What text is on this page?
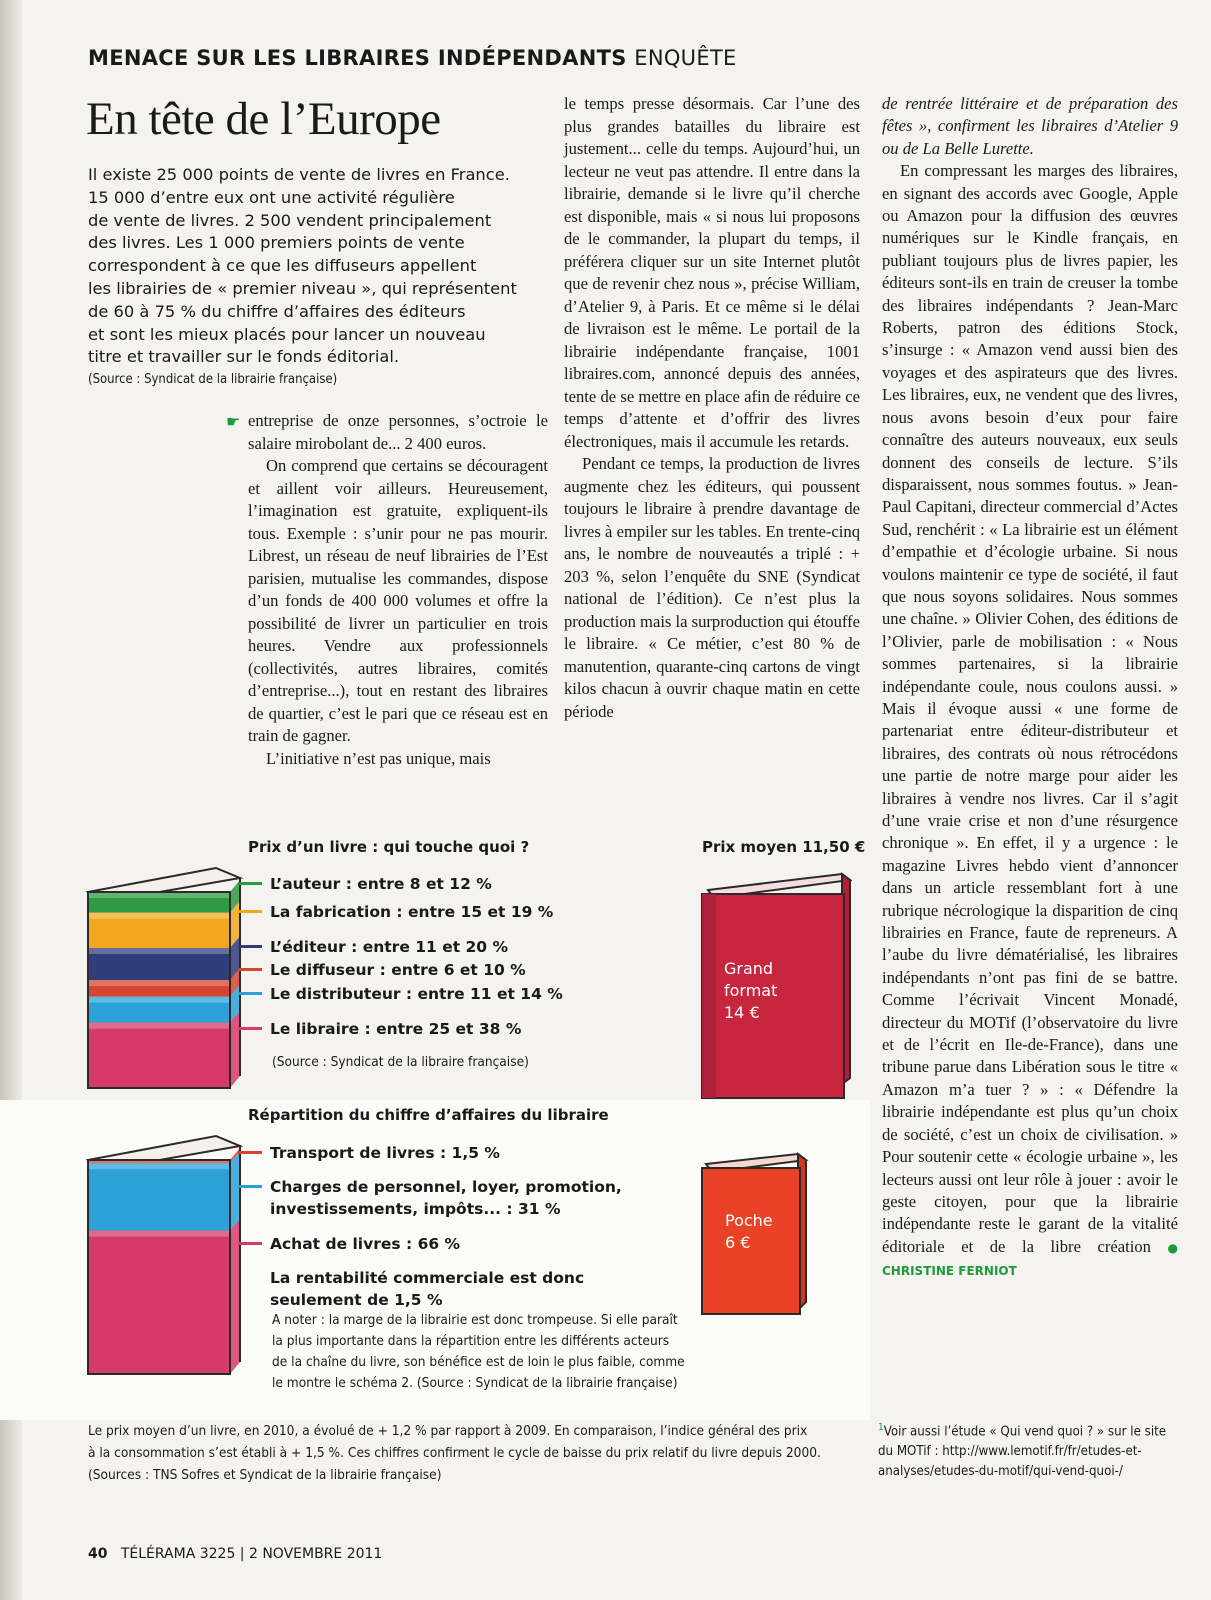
MENACE SUR LES LIBRAIRES INDÉPENDANTS ENQUÊTE
En tête de l’Europe

Il existe 25 000 points de vente de livres en France.

15 000 d’entre eux ont une activité régulière

de vente de livres. 2 500 vendent principalement

des livres. Les 1 000 premiers points de vente

correspondent à ce que les diffuseurs appellent

les librairies de « premier niveau », qui représentent

de 60 à 75 % du chiffre d’affaires des éditeurs

et sont les mieux placés pour lancer un nouveau

titre et travailler sur le fonds éditorial.

(Source : Syndicat de la librairie française)

☛ entreprise de onze personnes, s’octroie le salaire mirobolant de... 2 400 euros.

On comprend que certains se découragent et aillent voir ailleurs. Heureusement, l’imagination est gratuite, expliquent-ils tous. Exemple : s’unir pour ne pas mourir. Librest, un réseau de neuf librairies de l’Est parisien, mutualise les commandes, dispose d’un fonds de 400 000 volumes et offre la possibilité de livrer un particulier en trois heures. Vendre aux professionnels (collectivités, autres libraires, comités d’entreprise...), tout en restant des libraires de quartier, c’est le pari que ce réseau est en train de gagner.

L’initiative n’est pas unique, mais

le temps presse désormais. Car l’une des plus grandes batailles du libraire est justement... celle du temps. Aujourd’hui, un lecteur ne veut pas attendre. Il entre dans la librairie, demande si le livre qu’il cherche est disponible, mais « si nous lui proposons de le commander, la plupart du temps, il préférera cliquer sur un site Internet plutôt que de revenir chez nous », précise William, d’Atelier 9, à Paris. Et ce même si le délai de livraison est le même. Le portail de la librairie indépendante française, 1001 libraires.com, annoncé depuis des années, tente de se mettre en place afin de réduire ce temps d’attente et d’offrir des livres électroniques, mais il accumule les retards.

Pendant ce temps, la production de livres augmente chez les éditeurs, qui poussent toujours le libraire à prendre davantage de livres à empiler sur les tables. En trente-cinq ans, le nombre de nouveautés a triplé : + 203 %, selon l’enquête du SNE (Syndicat national de l’édition). Ce n’est plus la production mais la surproduction qui étouffe le libraire. « Ce métier, c’est 80 % de manutention, quarante-cinq cartons de vingt kilos chacun à ouvrir chaque matin en cette période

de rentrée littéraire et de préparation des fêtes », confirment les libraires d’Atelier 9 ou de La Belle Lurette.

En compressant les marges des libraires, en signant des accords avec Google, Apple ou Amazon pour la diffusion des œuvres numériques sur le Kindle français, en publiant toujours plus de livres papier, les éditeurs sont-ils en train de creuser la tombe des libraires indépendants ? Jean-Marc Roberts, patron des éditions Stock, s’insurge : « Amazon vend aussi bien des voyages et des aspirateurs que des livres. Les libraires, eux, ne vendent que des livres, nous avons besoin d’eux pour faire connaître des auteurs nouveaux, eux seuls donnent des conseils de lecture. S’ils disparaissent, nous sommes foutus. » Jean-Paul Capitani, directeur commercial d’Actes Sud, renchérit : « La librairie est un élément d’empathie et d’écologie urbaine. Si nous voulons maintenir ce type de société, il faut que nous soyons solidaires. Nous sommes une chaîne. » Olivier Cohen, des éditions de l’Olivier, parle de mobilisation : « Nous sommes partenaires, si la librairie indépendante coule, nous coulons aussi. » Mais il évoque aussi « une forme de partenariat entre éditeur-distributeur et libraires, des contrats où nous rétrocédons une partie de notre marge pour aider les libraires à vendre nos livres. Car il s’agit d’une vraie crise et non d’une résurgence chronique ». En effet, il y a urgence : le magazine Livres hebdo vient d’annoncer dans un article ressemblant fort à une rubrique nécrologique la disparition de cinq librairies en France, faute de repreneurs. A l’aube du livre dématérialisé, les libraires indépendants n’ont pas fini de se battre. Comme l’écrivait Vincent Monadé, directeur du MOTif (l’observatoire du livre et de l’écrit en Ile-de-France), dans une tribune parue dans Libération sous le titre « Amazon m’a tuer ? » : « Défendre la librairie indépendante est plus qu’un choix de société, c’est un choix de civilisation. » Pour soutenir cette « écologie urbaine », les lecteurs aussi ont leur rôle à jouer : avoir le geste citoyen, pour que la librairie indépendante reste le garant de la vitalité éditoriale et de la libre création ● CHRISTINE FERNIOT

Prix d’un livre : qui touche quoi ?
L’auteur : entre 8 et 12 %
La fabrication : entre 15 et 19 %
L’éditeur : entre 11 et 20 %
Le diffuseur : entre 6 et 10 %
Le distributeur : entre 11 et 14 %
Le libraire : entre 25 et 38 %
(Source : Syndicat de la libraire française)
Prix moyen 11,50 €
Grand
format
14 €
Poche
6 €
Répartition du chiffre d’affaires du libraire
Transport de livres : 1,5 %
Charges de personnel, loyer, promotion, investissements, impôts... : 31 %
Achat de livres : 66 %
La rentabilité commerciale est donc seulement de 1,5 %
A noter : la marge de la librairie est donc trompeuse. Si elle paraît
la plus importante dans la répartition entre les différents acteurs
de la chaîne du livre, son bénéfice est de loin le plus faible, comme
le montre le schéma 2. (Source : Syndicat de la librairie française)
Le prix moyen d’un livre, en 2010, a évolué de + 1,2 % par rapport à 2009. En comparaison, l’indice général des prix
à la consommation s’est établi à + 1,5 %. Ces chiffres confirment le cycle de baisse du prix relatif du livre depuis 2000.
(Sources : TNS Sofres et Syndicat de la librairie française)
$^1$Voir aussi l’étude « Qui vend quoi ? » sur le site
du MOTif : http://www.lemotif.fr/fr/etudes-et-
analyses/etudes-du-motif/qui-vend-quoi-/
40 TÉLÉRAMA 3225 | 2 NOVEMBRE 2011
